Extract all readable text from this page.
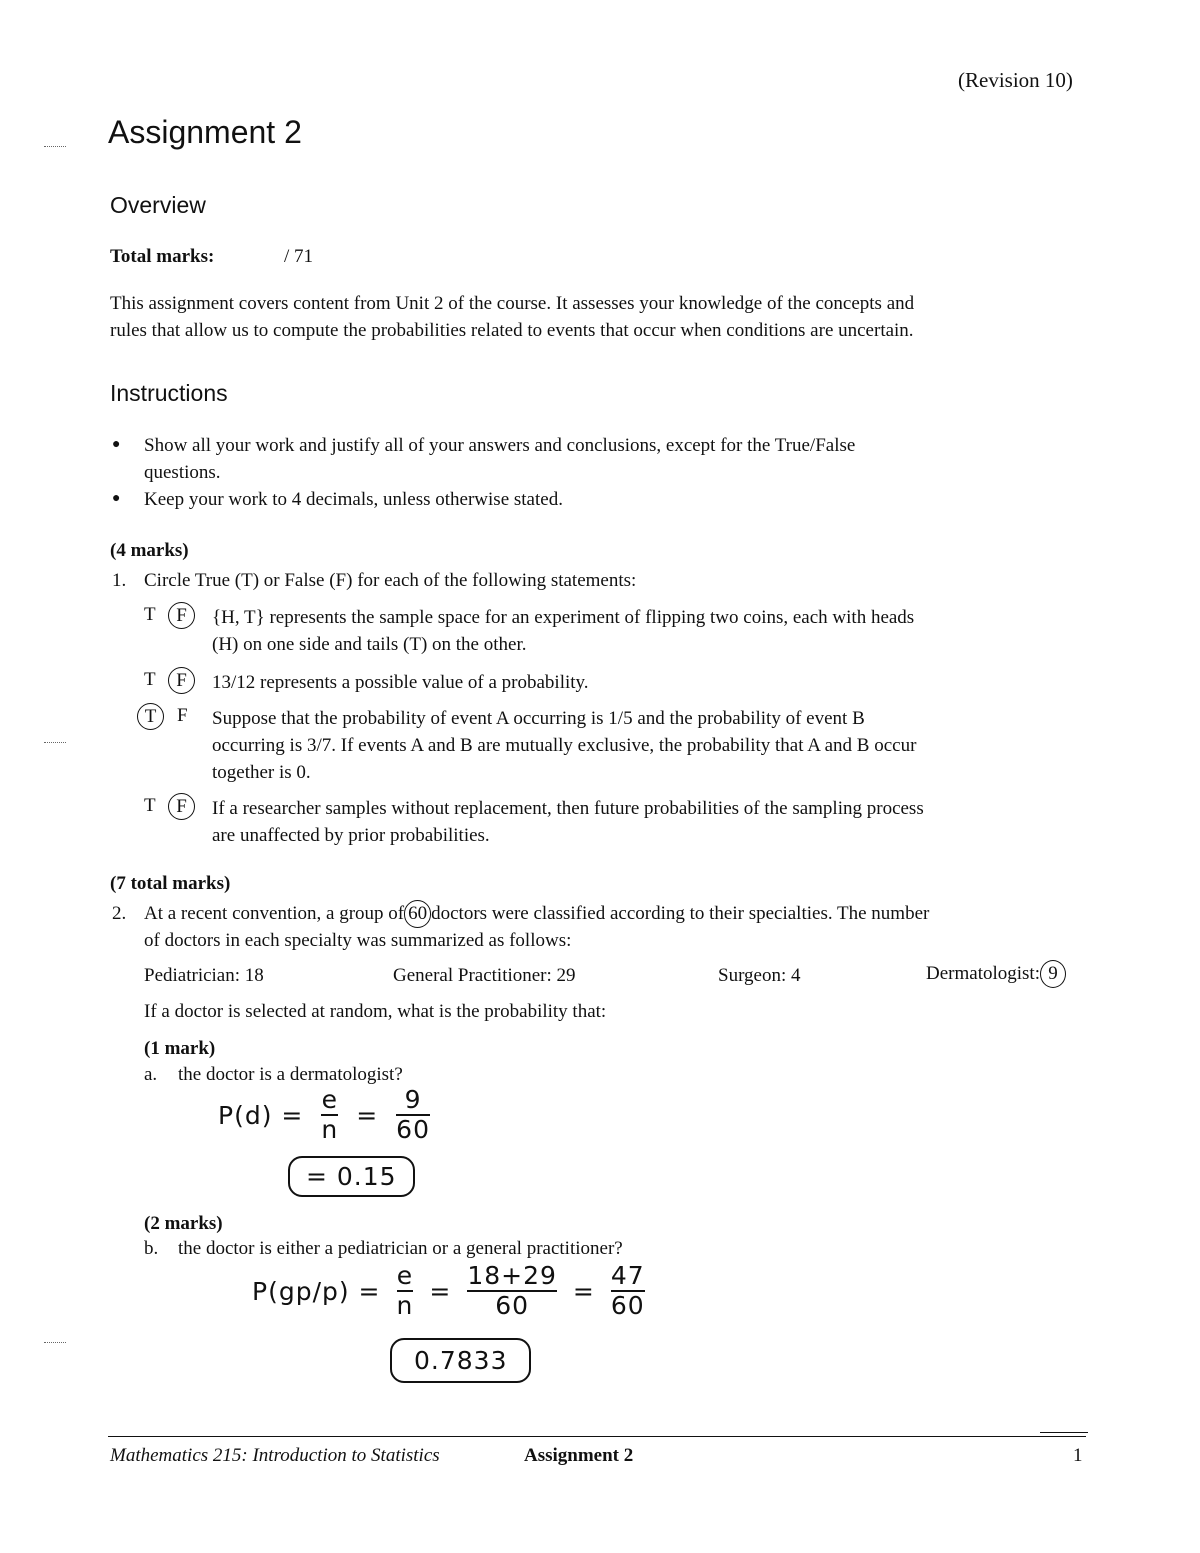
(Revision 10)
Assignment 2
Overview
Total marks:	/ 71
This assignment covers content from Unit 2 of the course. It assesses your knowledge of the concepts and
rules that allow us to compute the probabilities related to events that occur when conditions are uncertain.
Instructions
● Show all your work and justify all of your answers and conclusions, except for the True/False
questions.
● Keep your work to 4 decimals, unless otherwise stated.
(4 marks)
1. Circle True (T) or False (F) for each of the following statements:
T	F	{H, T} represents the sample space for an experiment of flipping two coins, each with heads
(H) on one side and tails (T) on the other.
T	F	13/12 represents a possible value of a probability.
T	F Suppose that the probability of event A occurring is 1/5 and the probability of event B
occurring is 3/7. If events A and B are mutually exclusive, the probability that A and B occur
together is 0.
T	F	If a researcher samples without replacement, then future probabilities of the sampling process
are unaffected by prior probabilities.
(7 total marks)
2. At a recent convention, a group of 60 doctors were classified according to their specialties. The number
of doctors in each specialty was summarized as follows:
Pediatrician: 18	General Practitioner: 29	Surgeon: 4	Dermatologist: 9
If a doctor is selected at random, what is the probability that:
(1 mark)
a. the doctor is a dermatologist?
$P(d) = \frac{e}{n} = \frac{9}{60}$
= 0.15
(2 marks)
b. the doctor is either a pediatrician or a general practitioner?
$P(gp/p) = \frac{e}{n} = \frac{18+29}{60} = \frac{47}{60}$
0.7833
Mathematics 215: Introduction to Statistics	Assignment 2	1
